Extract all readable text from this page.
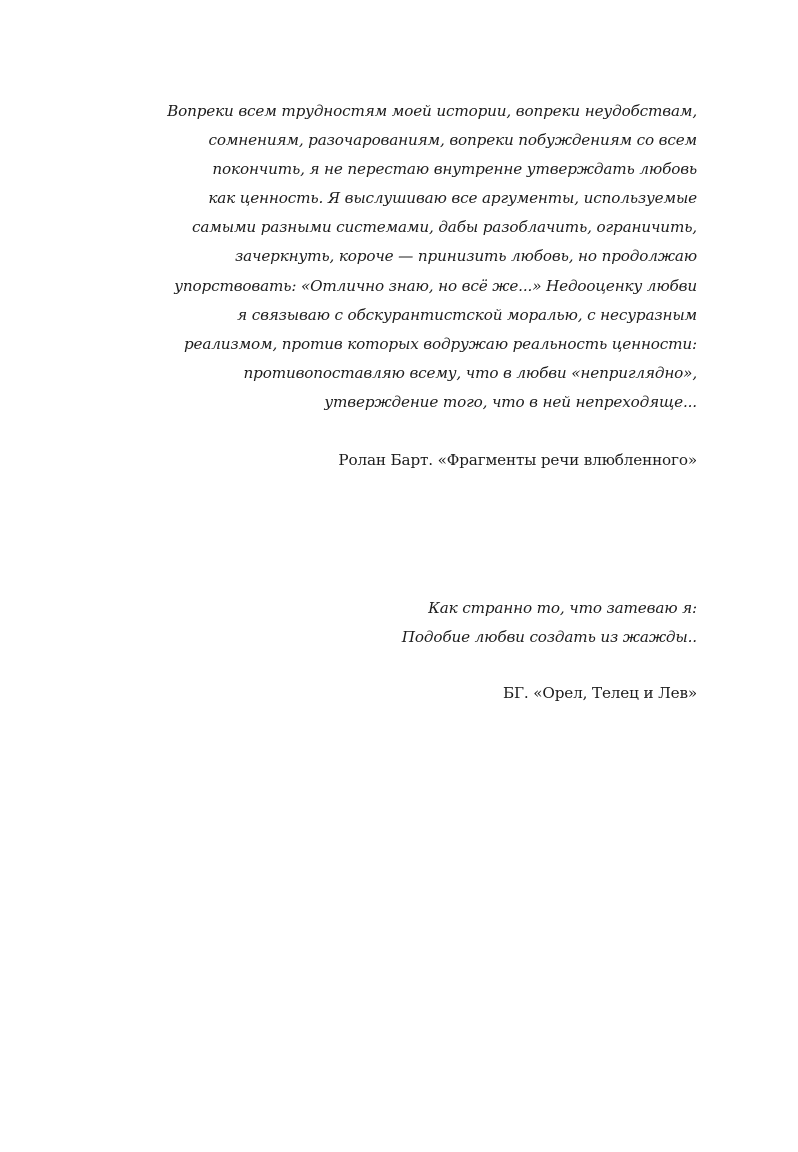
Вопреки всем трудностям моей истории, вопреки неудобствам,
сомнениям, разочарованиям, вопреки побуждениям со всем
покончить, я не перестаю внутренне утверждать любовь
как ценность. Я выслушиваю все аргументы, используемые
самыми разными системами, дабы разоблачить, ограничить,
зачеркнуть, короче — принизить любовь, но продолжаю
упорствовать: «Отлично знаю, но всё же...» Недооценку любви
я связываю с обскурантистской моралью, с несуразным
реализмом, против которых водружаю реальность ценности:
противопоставляю всему, что в любви «неприглядно»,
утверждение того, что в ней непреходяще...
Ролан Барт. «Фрагменты речи влюбленного»
Как странно то, что затеваю я:
Подобие любви создать из жажды..
БГ. «Орел, Телец и Лев»
